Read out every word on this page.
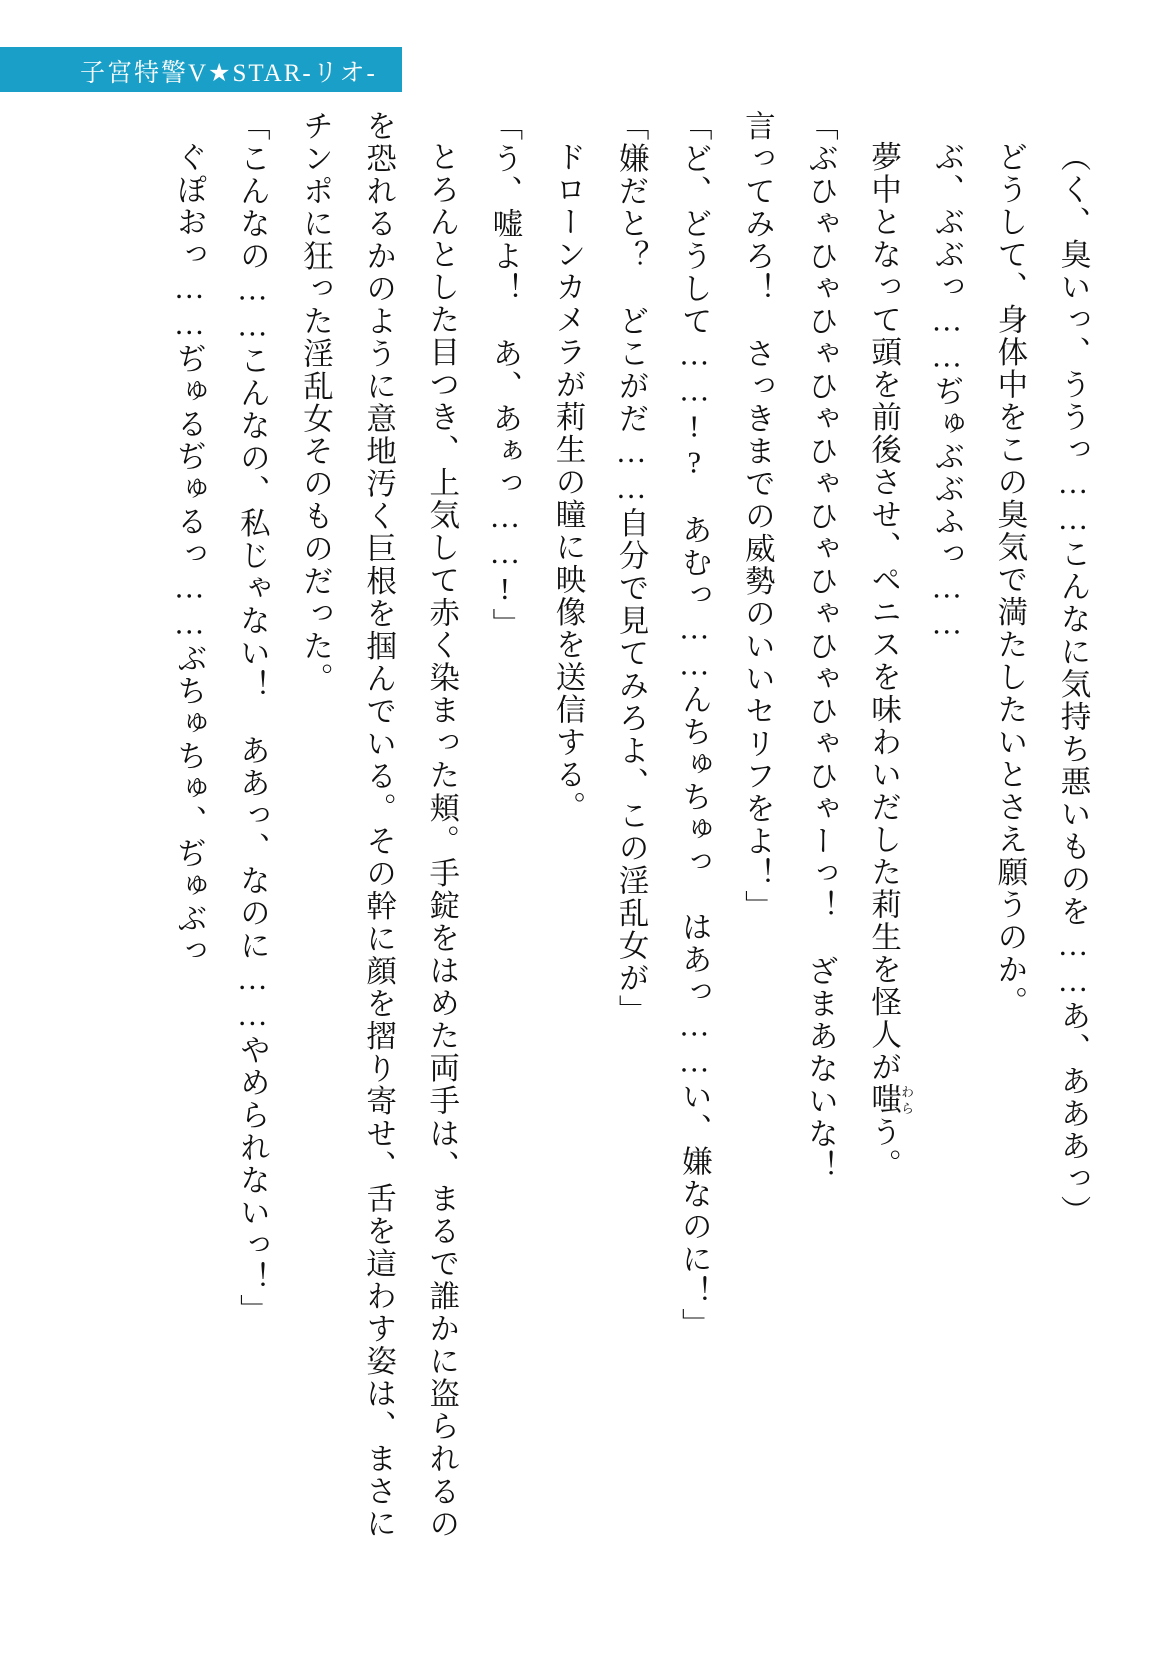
子宮特警V★STAR‐リオ‐

（く、臭いっ、ううっ……こんなに気持ち悪いものを……あ、あああっ）

どうして、身体中をこの臭気で満たしたいとさえ願うのか。

ぶ、ぶぶっ……ぢゅぶぶふっ……

夢中となって頭を前後させ、ペニスを味わいだした莉生を怪人が嗤わらう。

「ぶひゃひゃひゃひゃひゃひゃひゃひゃひゃひゃーっ！　ざまあないな！

言ってみろ！　さっきまでの威勢のいいセリフをよ！」

「ど、どうして……!?　あむっ……んちゅちゅっ　はあっ……い、嫌なのに！」

「嫌だと？　どこがだ……自分で見てみろよ、この淫乱女が」

ドローンカメラが莉生の瞳に映像を送信する。

「う、嘘よ！　あ、あぁっ……!」

とろんとした目つき、上気して赤く染まった頬。手錠をはめた両手は、まるで誰かに盗られるのを恐れるかのように意地汚く巨根を掴んでいる。その幹に顔を摺り寄せ、舌を這わす姿は、まさにチンポに狂った淫乱女そのものだった。

「こんなの……こんなの、私じゃない！　ああっ、なのに……やめられないっ！」

ぐぽおっ……ぢゅるぢゅるっ……ぶちゅちゅ、ぢゅぶっ
